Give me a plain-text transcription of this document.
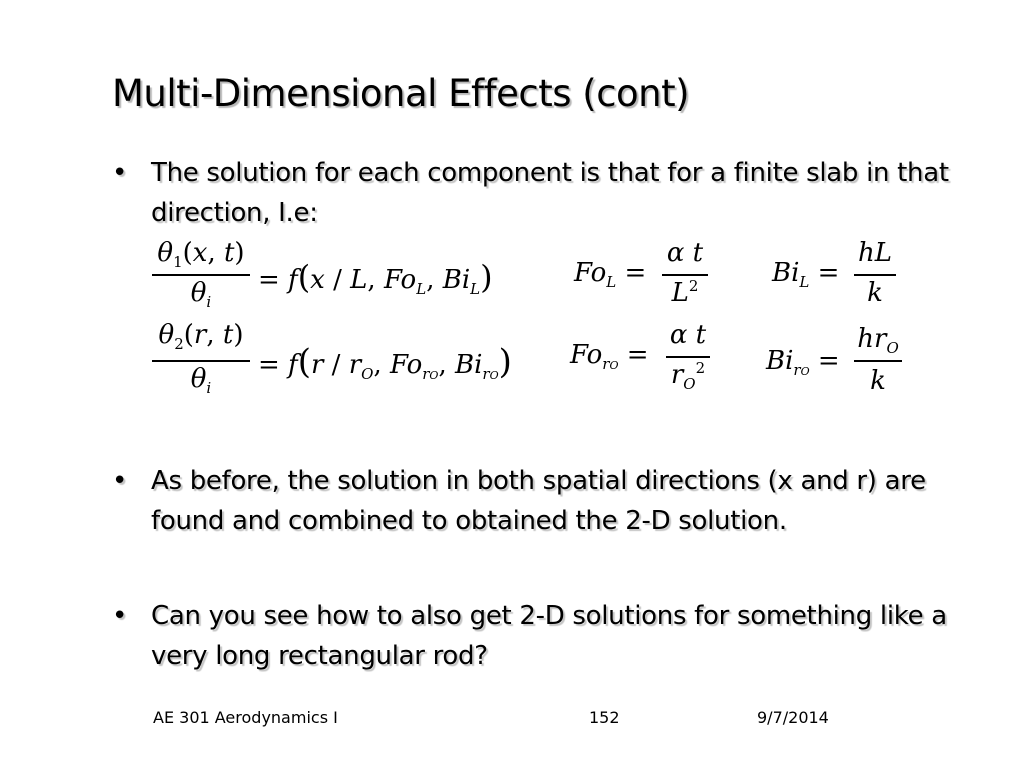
Multi-Dimensional Effects (cont)
• The solution for each component is that for a finite slab in that direction, I.e:
$\theta_1(x$, t)
$\theta_i$
= f(x / L, $Fo_L$, $Bi_L$)	$Fo_L$ =
α t
$L^2$	$Bi_L$ =
hL
k
$\theta_2(r$, t)
$\theta_i$
= $f(r / r_O$, $Fo_{rO}$, $Bi_{rO}$) $Fo_{rO}$ =
α t
$r_O^2$ $Bi_{rO}$ =
$hr_O$
k
• As before, the solution in both spatial directions (x and r) are found and combined to obtained the 2-D solution.
• Can you see how to also get 2-D solutions for something like a very long rectangular rod?
AE 301 Aerodynamics I	152	9/7/2014
